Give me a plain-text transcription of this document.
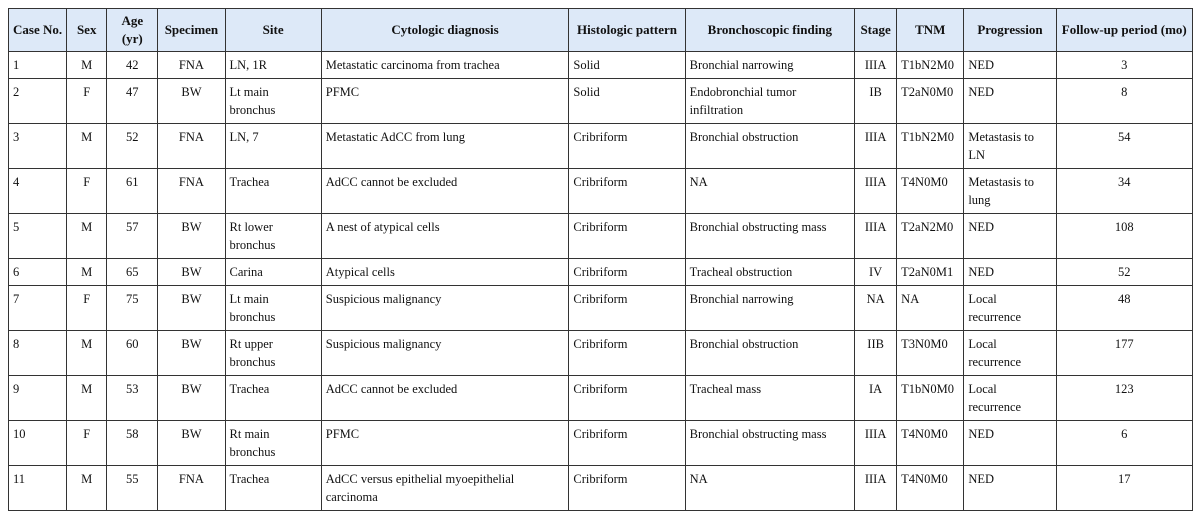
Case No.	Sex	Age (yr)	Specimen	Site	Cytologic diagnosis	Histologic pattern	Bronchoscopic finding	Stage	TNM	Progression	Follow-up period (mo)
1	M	42	FNA	LN, 1R	Metastatic carcinoma from trachea	Solid	Bronchial narrowing	IIIA	T1bN2M0	NED	3
2	F	47	BW	Lt main bronchus	PFMC	Solid	Endobronchial tumor infiltration	IB	T2aN0M0	NED	8
3	M	52	FNA	LN, 7	Metastatic AdCC from lung	Cribriform	Bronchial obstruction	IIIA	T1bN2M0	Metastasis to LN	54
4	F	61	FNA	Trachea	AdCC cannot be excluded	Cribriform	NA	IIIA	T4N0M0	Metastasis to lung	34
5	M	57	BW	Rt lower bronchus	A nest of atypical cells	Cribriform	Bronchial obstructing mass	IIIA	T2aN2M0	NED	108
6	M	65	BW	Carina	Atypical cells	Cribriform	Tracheal obstruction	IV	T2aN0M1	NED	52
7	F	75	BW	Lt main bronchus	Suspicious malignancy	Cribriform	Bronchial narrowing	NA	NA	Local recurrence	48
8	M	60	BW	Rt upper bronchus	Suspicious malignancy	Cribriform	Bronchial obstruction	IIB	T3N0M0	Local recurrence	177
9	M	53	BW	Trachea	AdCC cannot be excluded	Cribriform	Tracheal mass	IA	T1bN0M0	Local recurrence	123
10	F	58	BW	Rt main bronchus	PFMC	Cribriform	Bronchial obstructing mass	IIIA	T4N0M0	NED	6
11	M	55	FNA	Trachea	AdCC versus epithelial myoepithelial carcinoma	Cribriform	NA	IIIA	T4N0M0	NED	17
